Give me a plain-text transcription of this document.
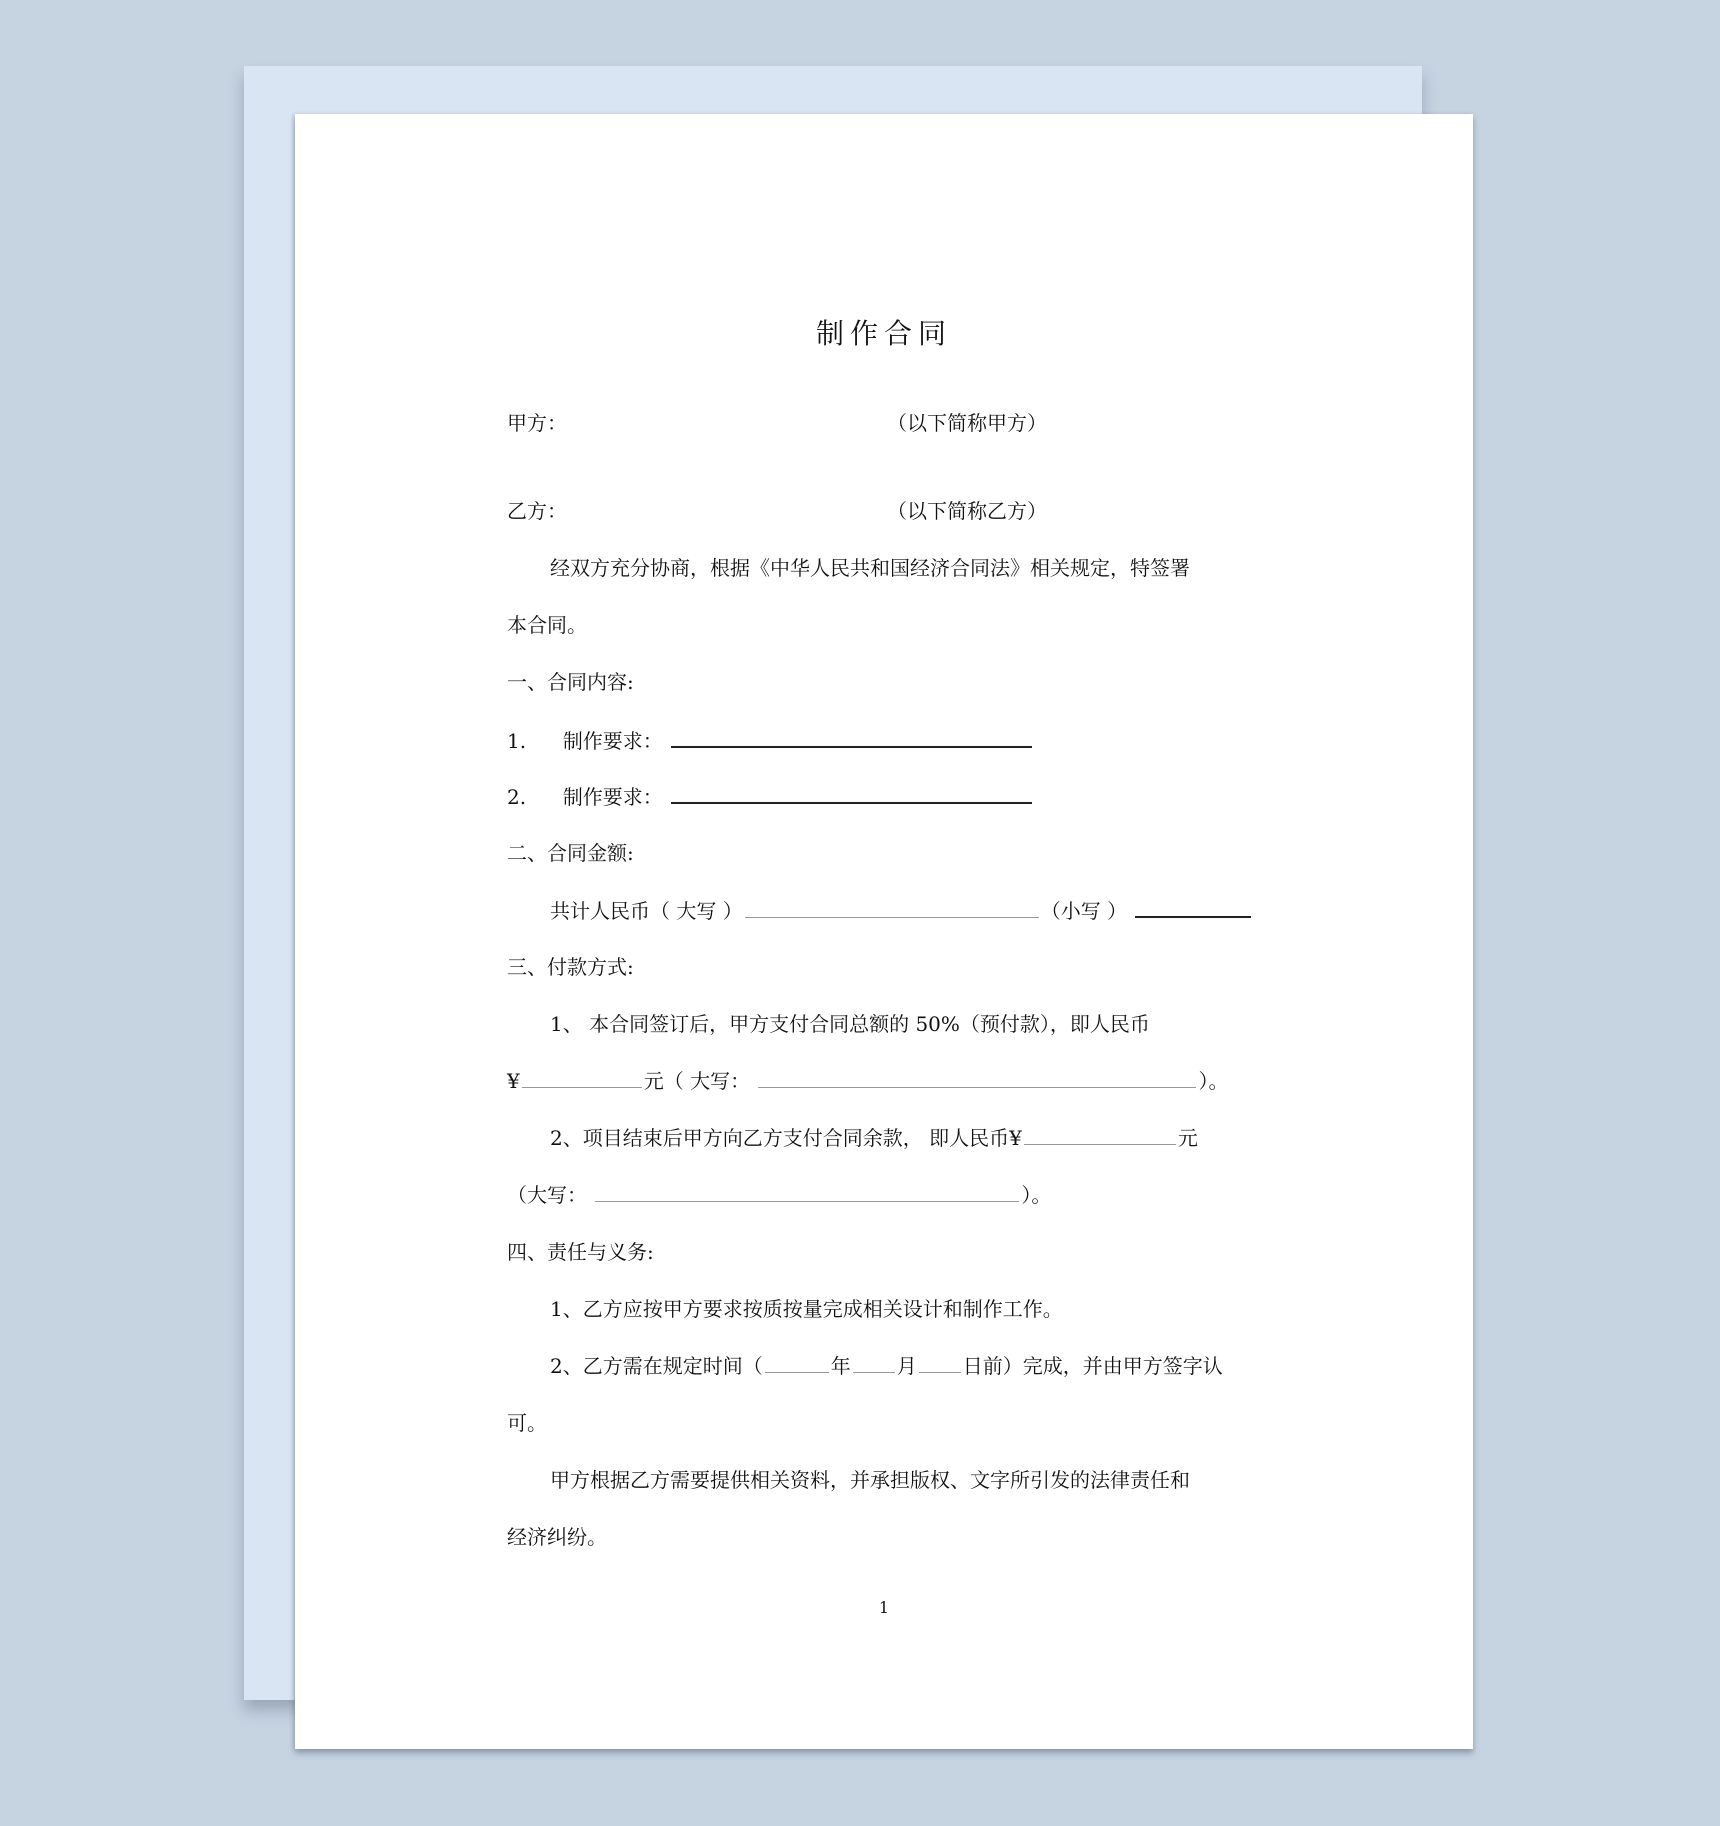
制作合同
甲方：	（以下简称甲方）
乙方：	（以下简称乙方）
经双方充分协商，根据《中华人民共和国经济合同法》相关规定，特签署
本合同。
一、合同内容:
1. 制作要求：
2. 制作要求：
二、合同金额:
共计人民币（ 大写 ）	（小写 ）
三、付款方式:
1、 本合同签订后，甲方支付合同总额的 50%（预付款），即人民币
¥	元（ 大写：	）。
2、项目结束后甲方向乙方支付合同余款， 即人民币¥	元
（大写：	）。
四、责任与义务:
1、乙方应按甲方要求按质按量完成相关设计和制作工作。
2、乙方需在规定时间（	年 月 日前）完成，并由甲方签字认
可。
甲方根据乙方需要提供相关资料，并承担版权、文字所引发的法律责任和
经济纠纷。
1
